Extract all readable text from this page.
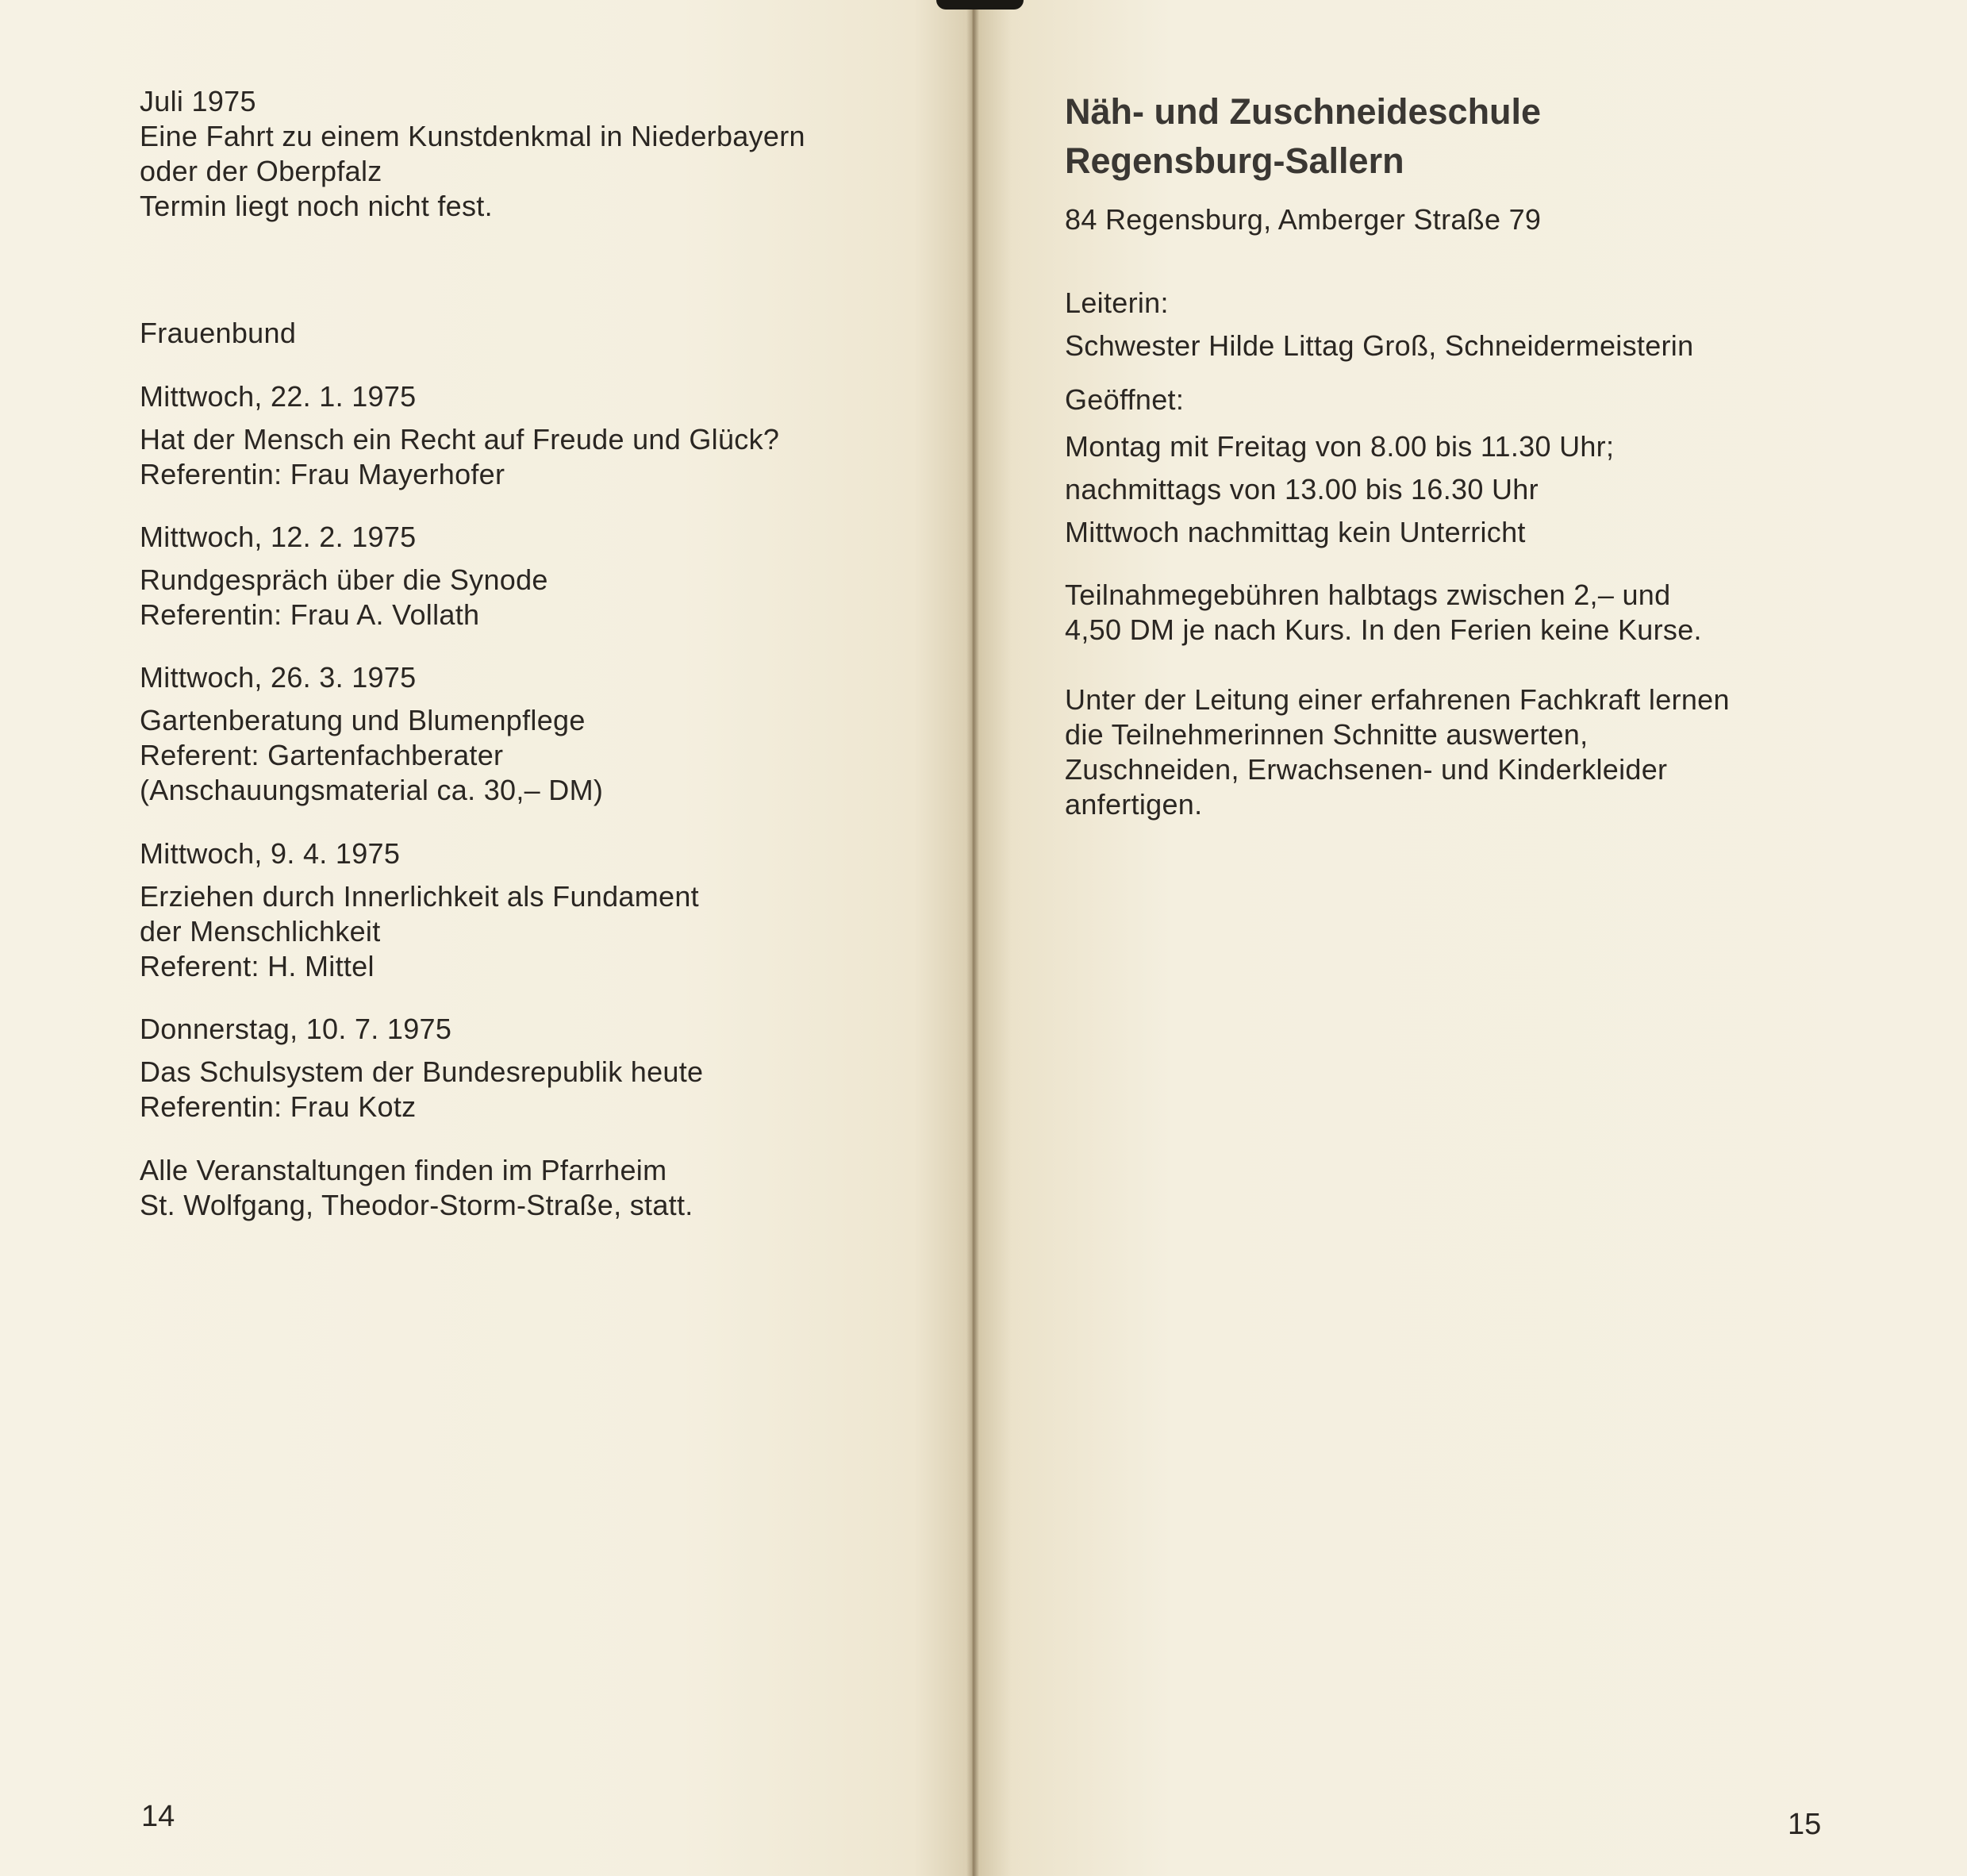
Juli 1975
Eine Fahrt zu einem Kunstdenkmal in Niederbayern
oder der Oberpfalz
Termin liegt noch nicht fest.
Frauenbund
Mittwoch, 22. 1. 1975
Hat der Mensch ein Recht auf Freude und Glück?
Referentin: Frau Mayerhofer
Mittwoch, 12. 2. 1975
Rundgespräch über die Synode
Referentin: Frau A. Vollath
Mittwoch, 26. 3. 1975
Gartenberatung und Blumenpflege
Referent: Gartenfachberater
(Anschauungsmaterial ca. 30,– DM)
Mittwoch, 9. 4. 1975
Erziehen durch Innerlichkeit als Fundament
der Menschlichkeit
Referent: H. Mittel
Donnerstag, 10. 7. 1975
Das Schulsystem der Bundesrepublik heute
Referentin: Frau Kotz
Alle Veranstaltungen finden im Pfarrheim
St. Wolfgang, Theodor-Storm-Straße, statt.
14
Näh- und Zuschneideschule
Regensburg-Sallern
84 Regensburg, Amberger Straße 79
Leiterin:
Schwester Hilde Littag Groß, Schneidermeisterin
Geöffnet:
Montag mit Freitag von 8.00 bis 11.30 Uhr;
nachmittags von 13.00 bis 16.30 Uhr
Mittwoch nachmittag kein Unterricht
Teilnahmegebühren halbtags zwischen 2,– und
4,50 DM je nach Kurs. In den Ferien keine Kurse.
Unter der Leitung einer erfahrenen Fachkraft lernen
die Teilnehmerinnen Schnitte auswerten,
Zuschneiden, Erwachsenen- und Kinderkleider
anfertigen.
15
